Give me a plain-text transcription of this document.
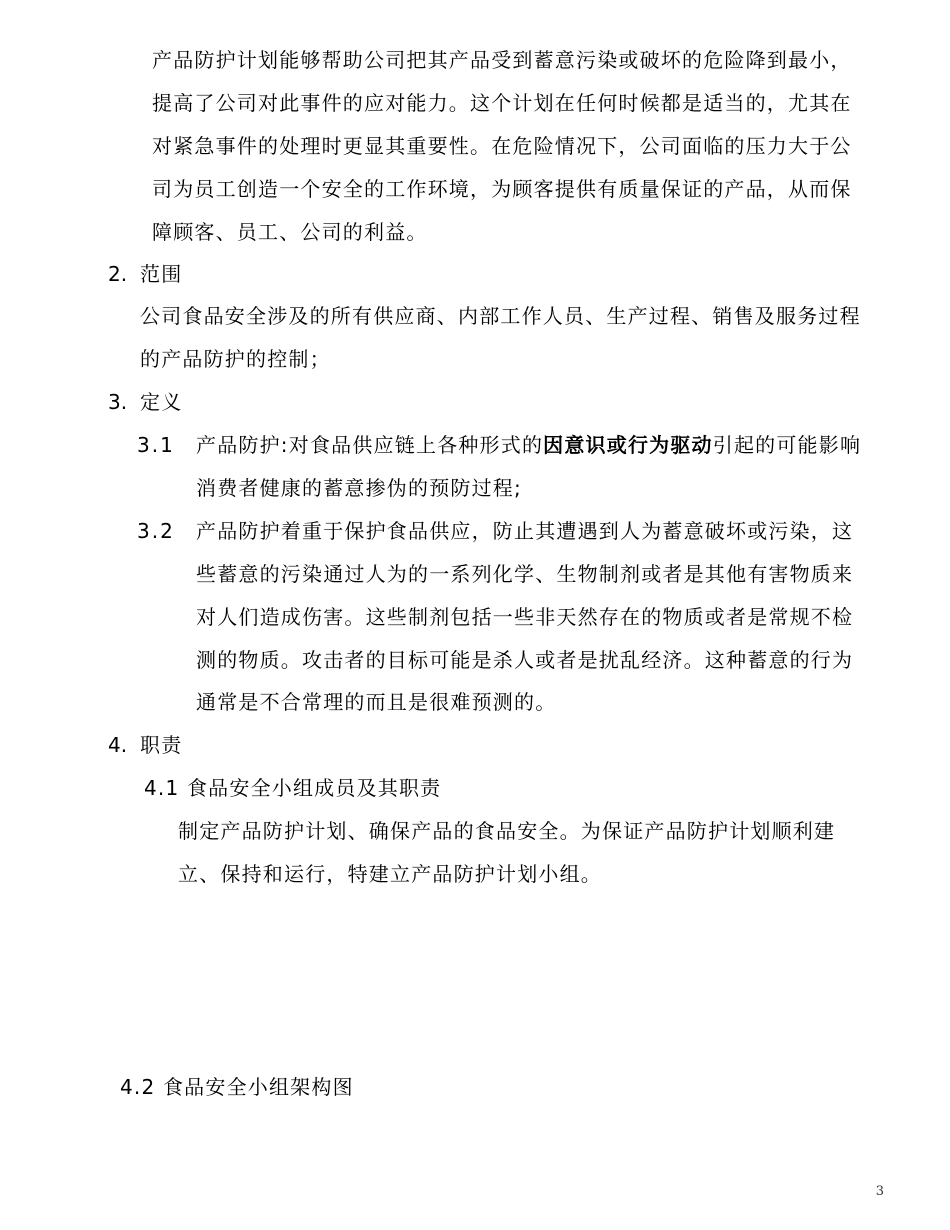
产品防护计划能够帮助公司把其产品受到蓄意污染或破坏的危险降到最小，
提高了公司对此事件的应对能力。这个计划在任何时候都是适当的，尤其在
对紧急事件的处理时更显其重要性。在危险情况下，公司面临的压力大于公
司为员工创造一个安全的工作环境，为顾客提供有质量保证的产品，从而保
障顾客、员工、公司的利益。
2. 范围
公司食品安全涉及的所有供应商、内部工作人员、生产过程、销售及服务过程
的产品防护的控制；
3. 定义
3.1 产品防护:对食品供应链上各种形式的因意识或行为驱动引起的可能影响
消费者健康的蓄意掺伪的预防过程;
3.2 产品防护着重于保护食品供应，防止其遭遇到人为蓄意破坏或污染，这
些蓄意的污染通过人为的一系列化学、生物制剂或者是其他有害物质来
对人们造成伤害。这些制剂包括一些非天然存在的物质或者是常规不检
测的物质。攻击者的目标可能是杀人或者是扰乱经济。这种蓄意的行为
通常是不合常理的而且是很难预测的。
4. 职责
4.1 食品安全小组成员及其职责
制定产品防护计划、确保产品的食品安全。为保证产品防护计划顺利建
立、保持和运行，特建立产品防护计划小组。
4.2 食品安全小组架构图
3
